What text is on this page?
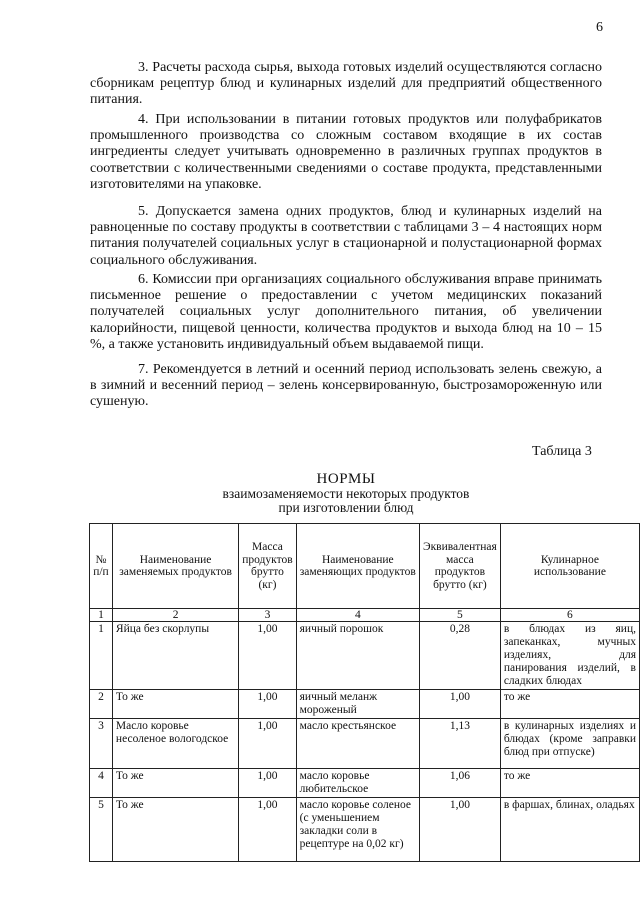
6

3. Расчеты расхода сырья, выхода готовых изделий осуществляются согласно сборникам рецептур блюд и кулинарных изделий для предприятий общественного питания.

4. При использовании в питании готовых продуктов или полуфабрикатов промышленного производства со сложным составом входящие в их состав ингредиенты следует учитывать одновременно в различных группах продуктов в соответствии с количественными сведениями о составе продукта, представленными изготовителями на упаковке.

5. Допускается замена одних продуктов, блюд и кулинарных изделий на равноценные по составу продукты в соответствии с таблицами 3 – 4 настоящих норм питания получателей социальных услуг в стационарной и полустационарной формах социального обслуживания.

6. Комиссии при организациях социального обслуживания вправе принимать письменное решение о предоставлении с учетом медицинских показаний получателей социальных услуг дополнительного питания, об увеличении калорийности, пищевой ценности, количества продуктов и выхода блюд на 10 – 15 %, а также установить индивидуальный объем выдаваемой пищи.

7. Рекомендуется в летний и осенний период использовать зелень свежую, а в зимний и весенний период – зелень консервированную, быстрозамороженную или сушеную.

Таблица 3
НОРМЫ
взаимозаменяемости некоторых продуктов
при изготовлении блюд
№ п/п	Наименование заменяемых продуктов	Масса продуктов брутто (кг)	Наименование заменяющих продуктов	Эквивалентная масса продуктов брутто (кг)	Кулинарное использование
1	2	3	4	5	6
1	Яйца без скорлупы	1,00	яичный порошок	0,28	в блюдах из яиц, запеканках, мучных изделиях, для панирования изделий, в сладких блюдах
2	То же	1,00	яичный меланж мороженый	1,00	то же
3	Масло коровье несоленое вологодское	1,00	масло крестьянское	1,13	в кулинарных изделиях и блюдах (кроме заправки блюд при отпуске)
4	То же	1,00	масло коровье любительское	1,06	то же
5	То же	1,00	масло коровье соленое (с уменьшением закладки соли в рецептуре на 0,02 кг)	1,00	в фаршах, блинах, оладьях
